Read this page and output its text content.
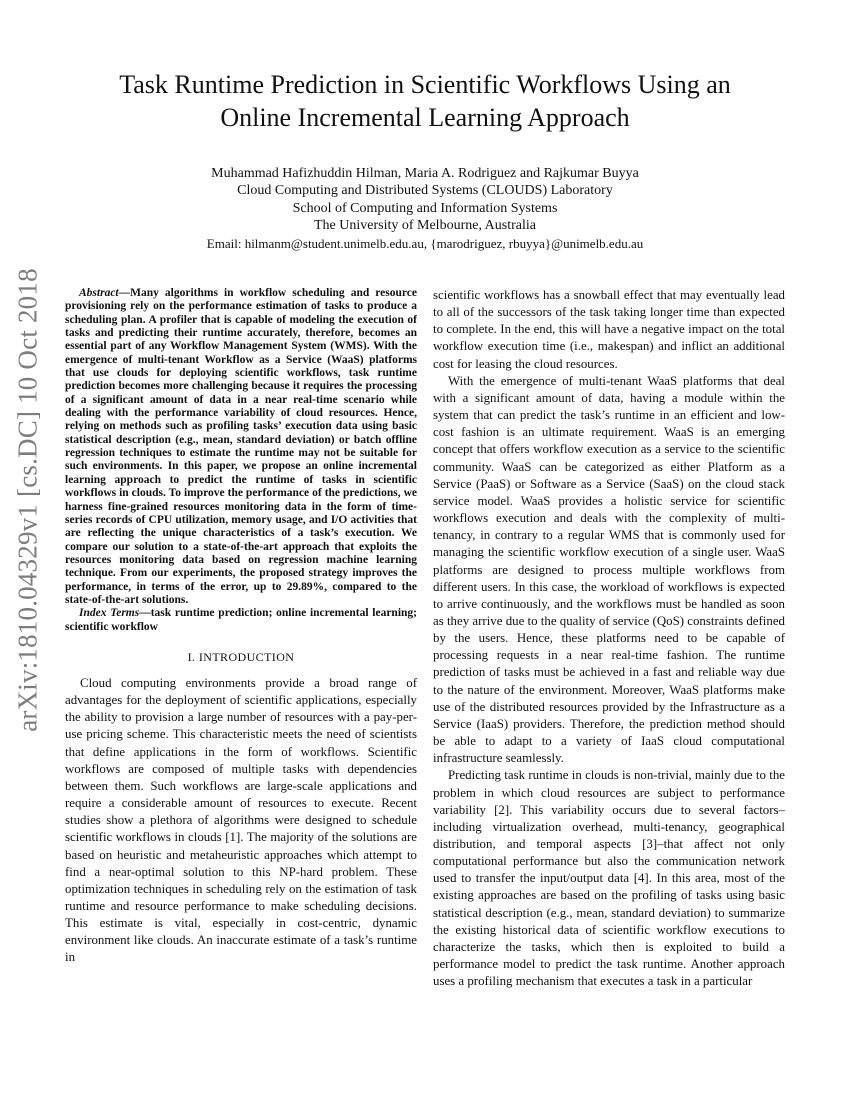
arXiv:1810.04329v1 [cs.DC] 10 Oct 2018
Task Runtime Prediction in Scientific Workflows Using an
Online Incremental Learning Approach
Muhammad Hafizhuddin Hilman, Maria A. Rodriguez and Rajkumar Buyya
Cloud Computing and Distributed Systems (CLOUDS) Laboratory
School of Computing and Information Systems
The University of Melbourne, Australia
Email: hilmanm@student.unimelb.edu.au, {marodriguez, rbuyya}@unimelb.edu.au

Abstract—Many algorithms in workflow scheduling and resource provisioning rely on the performance estimation of tasks to produce a scheduling plan. A profiler that is capable of modeling the execution of tasks and predicting their runtime accurately, therefore, becomes an essential part of any Workflow Management System (WMS). With the emergence of multi-tenant Workflow as a Service (WaaS) platforms that use clouds for deploying scientific workflows, task runtime prediction becomes more challenging because it requires the processing of a significant amount of data in a near real-time scenario while dealing with the performance variability of cloud resources. Hence, relying on methods such as profiling tasks’ execution data using basic statistical description (e.g., mean, standard deviation) or batch offline regression techniques to estimate the runtime may not be suitable for such environments. In this paper, we propose an online incremental learning approach to predict the runtime of tasks in scientific workflows in clouds. To improve the performance of the predictions, we harness fine-grained resources monitoring data in the form of time-series records of CPU utilization, memory usage, and I/O activities that are reflecting the unique characteristics of a task’s execution. We compare our solution to a state-of-the-art approach that exploits the resources monitoring data based on regression machine learning technique. From our experiments, the proposed strategy improves the performance, in terms of the error, up to 29.89%, compared to the state-of-the-art solutions.

Index Terms—task runtime prediction; online incremental learning; scientific workflow

I. INTRODUCTION

Cloud computing environments provide a broad range of advantages for the deployment of scientific applications, especially the ability to provision a large number of resources with a pay-per-use pricing scheme. This characteristic meets the need of scientists that define applications in the form of workflows. Scientific workflows are composed of multiple tasks with dependencies between them. Such workflows are large-scale applications and require a considerable amount of resources to execute. Recent studies show a plethora of algorithms were designed to schedule scientific workflows in clouds [1]. The majority of the solutions are based on heuristic and metaheuristic approaches which attempt to find a near-optimal solution to this NP-hard problem. These optimization techniques in scheduling rely on the estimation of task runtime and resource performance to make scheduling decisions. This estimate is vital, especially in cost-centric, dynamic environment like clouds. An inaccurate estimate of a task’s runtime in

scientific workflows has a snowball effect that may eventually lead to all of the successors of the task taking longer time than expected to complete. In the end, this will have a negative impact on the total workflow execution time (i.e., makespan) and inflict an additional cost for leasing the cloud resources.

With the emergence of multi-tenant WaaS platforms that deal with a significant amount of data, having a module within the system that can predict the task’s runtime in an efficient and low-cost fashion is an ultimate requirement. WaaS is an emerging concept that offers workflow execution as a service to the scientific community. WaaS can be categorized as either Platform as a Service (PaaS) or Software as a Service (SaaS) on the cloud stack service model. WaaS provides a holistic service for scientific workflows execution and deals with the complexity of multi-tenancy, in contrary to a regular WMS that is commonly used for managing the scientific workflow execution of a single user. WaaS platforms are designed to process multiple workflows from different users. In this case, the workload of workflows is expected to arrive continuously, and the workflows must be handled as soon as they arrive due to the quality of service (QoS) constraints defined by the users. Hence, these platforms need to be capable of processing requests in a near real-time fashion. The runtime prediction of tasks must be achieved in a fast and reliable way due to the nature of the environment. Moreover, WaaS platforms make use of the distributed resources provided by the Infrastructure as a Service (IaaS) providers. Therefore, the prediction method should be able to adapt to a variety of IaaS cloud computational infrastructure seamlessly.

Predicting task runtime in clouds is non-trivial, mainly due to the problem in which cloud resources are subject to performance variability [2]. This variability occurs due to several factors–including virtualization overhead, multi-tenancy, geographical distribution, and temporal aspects [3]–that affect not only computational performance but also the communication network used to transfer the input/output data [4]. In this area, most of the existing approaches are based on the profiling of tasks using basic statistical description (e.g., mean, standard deviation) to summarize the existing historical data of scientific workflow executions to characterize the tasks, which then is exploited to build a performance model to predict the task runtime. Another approach uses a profiling mechanism that executes a task in a particular
